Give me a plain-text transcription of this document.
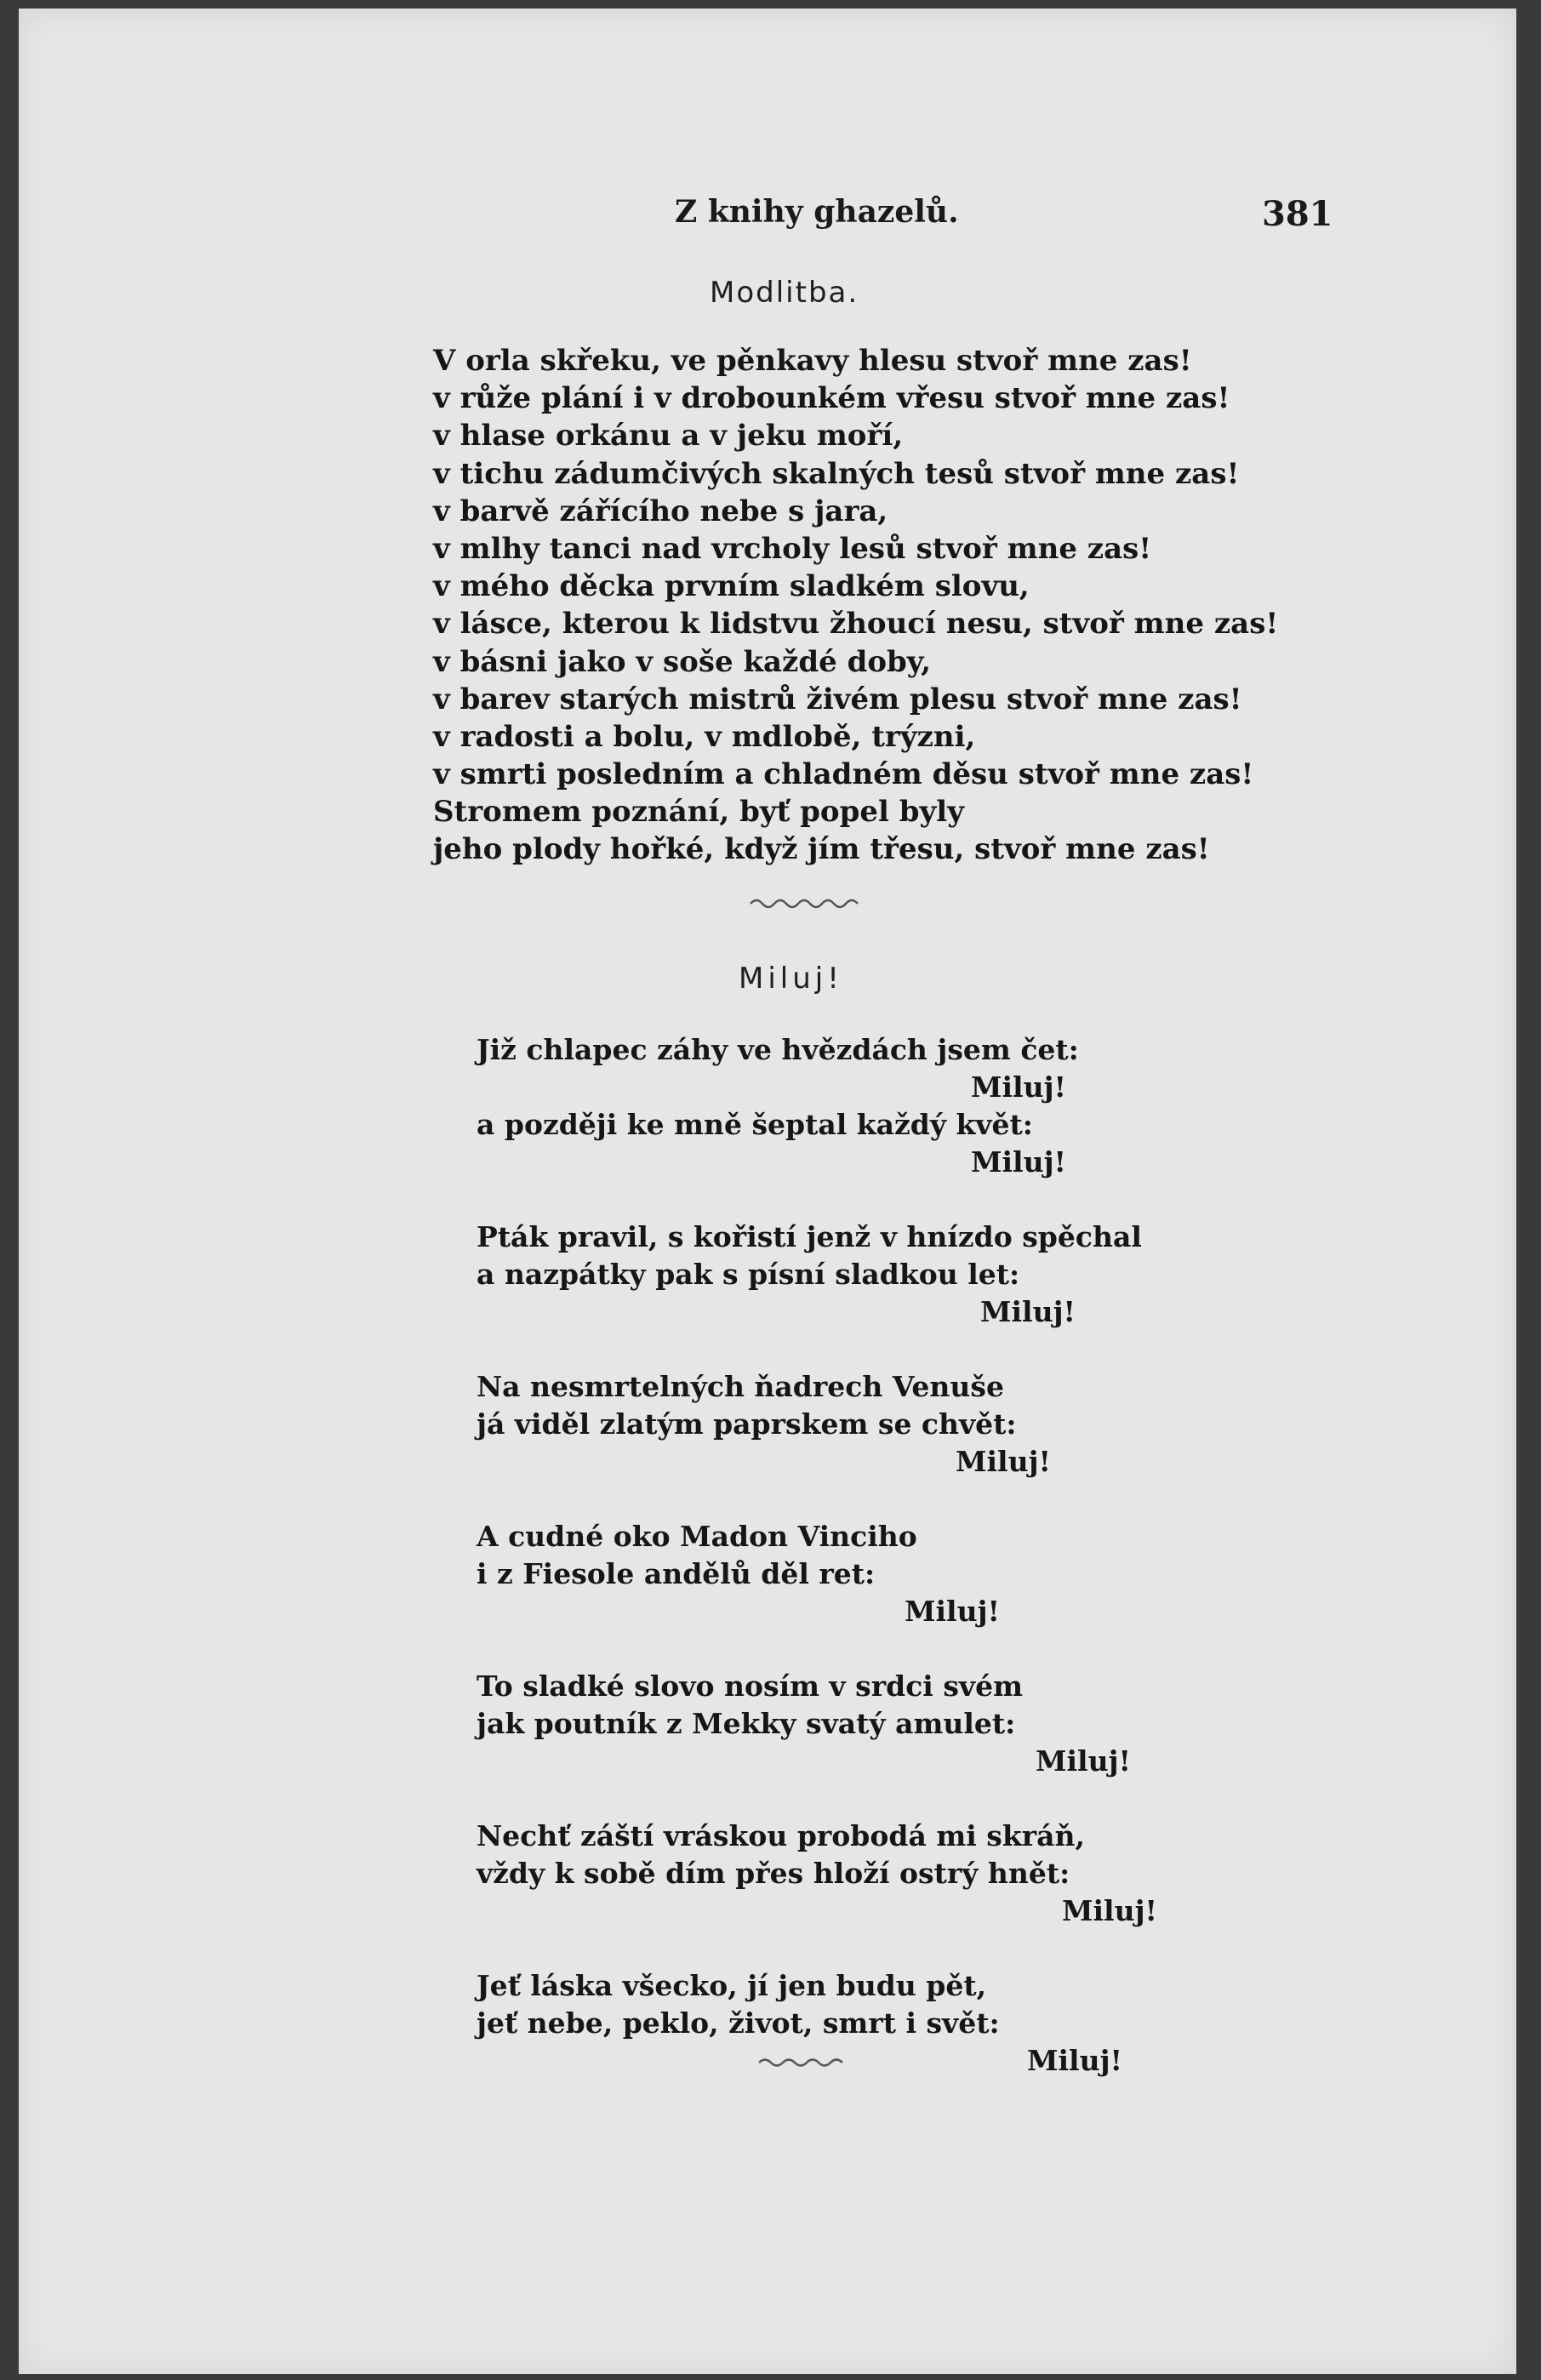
Z knihy ghazelů.	381
Modlitba.
V orla skřeku, ve pěnkavy hlesu stvoř mne zas!
v růže plání i v drobounkém vřesu stvoř mne zas!
v hlase orkánu a v jeku moří,
v tichu zádumčivých skalných tesů stvoř mne zas!
v barvě zářícího nebe s jara,
v mlhy tanci nad vrcholy lesů stvoř mne zas!
v mého děcka prvním sladkém slovu,
v lásce, kterou k lidstvu žhoucí nesu, stvoř mne zas!
v básni jako v soše každé doby,
v barev starých mistrů živém plesu stvoř mne zas!
v radosti a bolu, v mdlobě, trýzni,
v smrti posledním a chladném děsu stvoř mne zas!
Stromem poznání, byť popel byly
jeho plody hořké, když jím třesu, stvoř mne zas!
Miluj!
Již chlapec záhy ve hvězdách jsem čet:
Miluj!
a později ke mně šeptal každý květ:
Miluj!
Pták pravil, s kořistí jenž v hnízdo spěchal
a nazpátky pak s písní sladkou let:
Miluj!
Na nesmrtelných ňadrech Venuše
já viděl zlatým paprskem se chvět:
Miluj!
A cudné oko Madon Vinciho
i z Fiesole andělů děl ret:
Miluj!
To sladké slovo nosím v srdci svém
jak poutník z Mekky svatý amulet:
Miluj!
Nechť záští vráskou probodá mi skráň,
vždy k sobě dím přes hloží ostrý hnět:
Miluj!
Jeť láska všecko, jí jen budu pět,
jeť nebe, peklo, život, smrt i svět:
Miluj!
